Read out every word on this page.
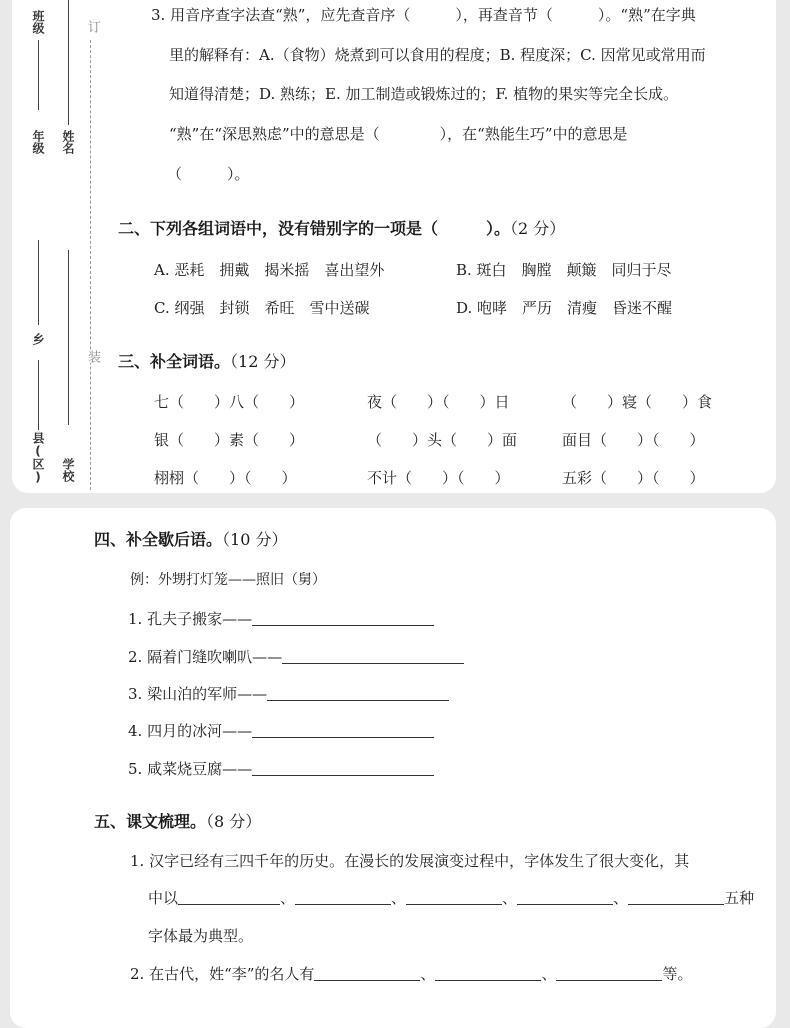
班级
年级 姓名
乡
县(区) 学校
订
装
3. 用音序查字法查“熟”，应先查音序（　　　），再查音节（　　　）。“熟”在字典
里的解释有：A.（食物）烧煮到可以食用的程度；B. 程度深；C. 因常见或常用而
知道得清楚；D. 熟练；E. 加工制造或锻炼过的；F. 植物的果实等完全长成。
“熟”在“深思熟虑”中的意思是（　　　　），在“熟能生巧”中的意思是
（　　　）。
二、下列各组词语中，没有错别字的一项是（　　　）。（2 分）
A. 恶耗　拥戴　揭米摇　喜出望外	B. 斑白　胸膛　颠簸　同归于尽
C. 纲强　封锁　希旺　雪中送碳	D. 咆哮　严历　清瘦　昏迷不醒
三、补全词语。（12 分）
七（　　）八（　　）	夜（　　）（　　）日	（　　）寝（　　）食
银（　　）素（　　）	（　　）头（　　）面	面目（　　）（　　）
栩栩（　　）（　　）	不计（　　）（　　）	五彩（　　）（　　）
四、补全歇后语。（10 分）
例：外甥打灯笼——照旧（舅）
1. 孔夫子搬家——
2. 隔着门缝吹喇叭——
3. 梁山泊的军师——
4. 四月的冰河——
5. 咸菜烧豆腐——
五、课文梳理。（8 分）
1. 汉字已经有三四千年的历史。在漫长的发展演变过程中，字体发生了很大变化，其
中以	、	、	、	、	五种
字体最为典型。
2. 在古代，姓“李”的名人有	、	、	等。
